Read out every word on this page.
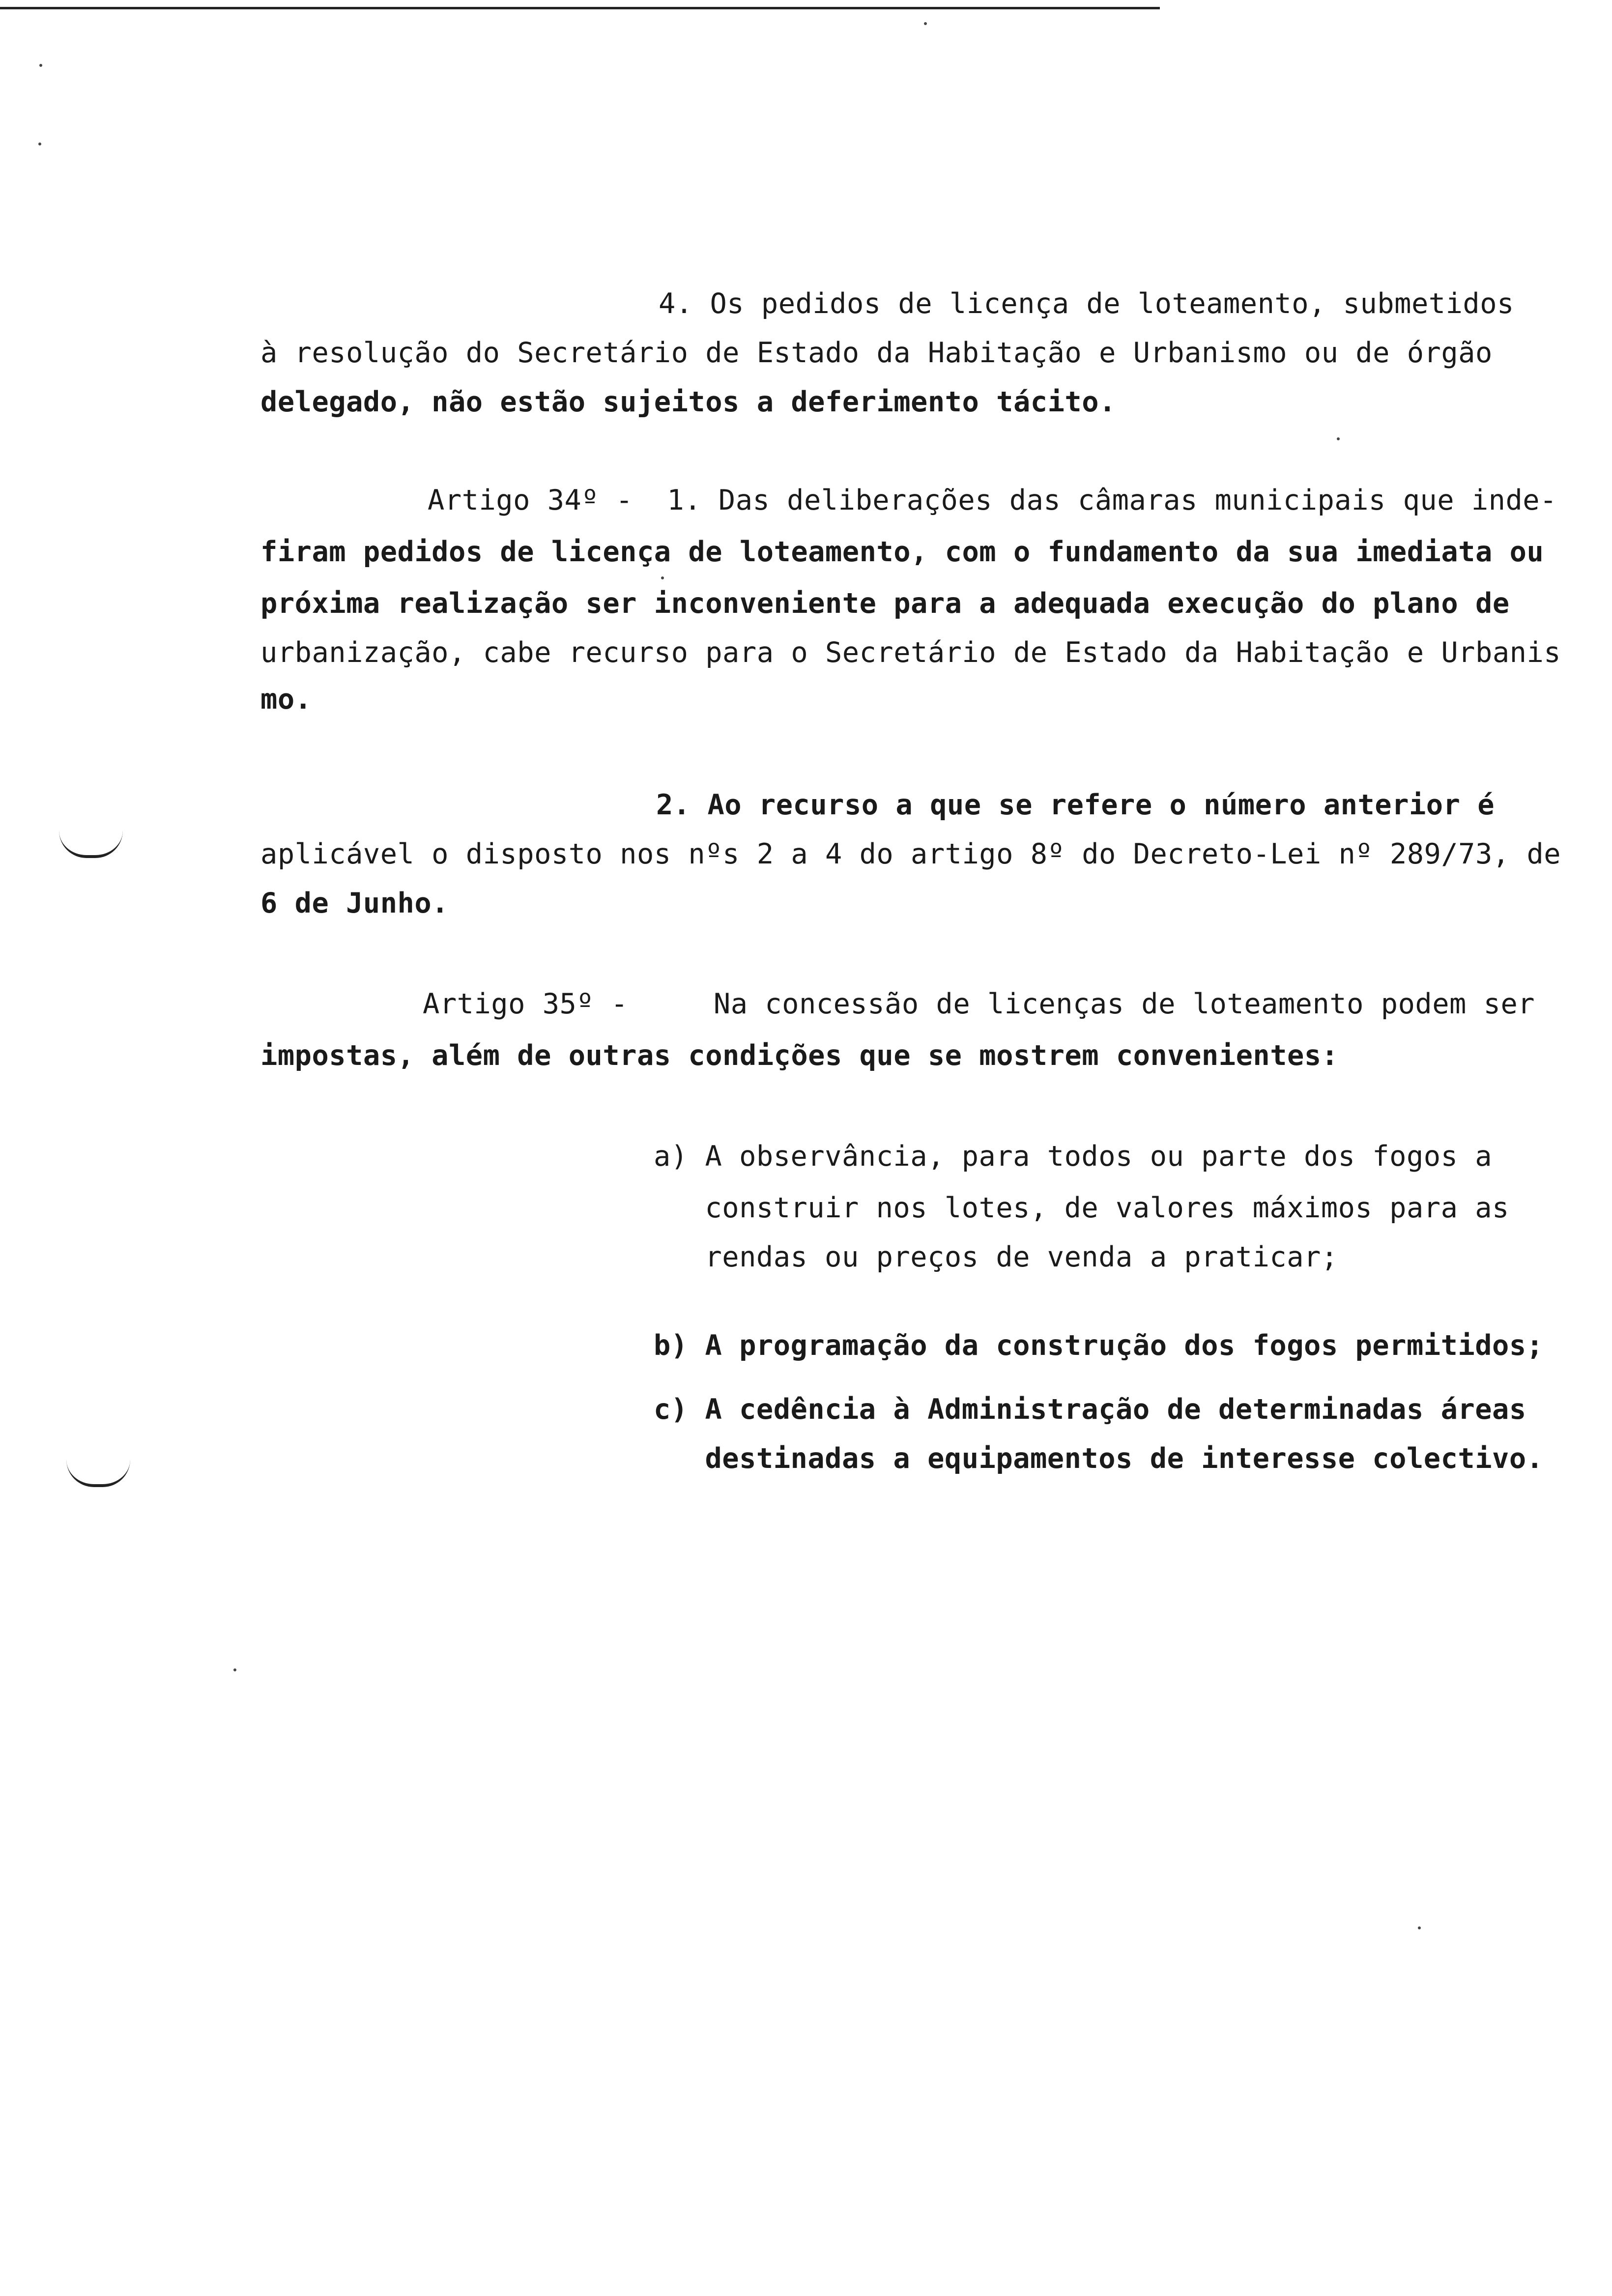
4. Os pedidos de licença de loteamento, submetidos
à resolução do Secretário de Estado da Habitação e Urbanismo ou de órgão
delegado, não estão sujeitos a deferimento tácito.
Artigo 34º -  1. Das deliberações das câmaras municipais que inde-
firam pedidos de licença de loteamento, com o fundamento da sua imediata ou
próxima realização ser inconveniente para a adequada execução do plano de
urbanização, cabe recurso para o Secretário de Estado da Habitação e Urbanis
mo.
2. Ao recurso a que se refere o número anterior é
aplicável o disposto nos nºs 2 a 4 do artigo 8º do Decreto-Lei nº 289/73, de
6 de Junho.
Artigo 35º -     Na concessão de licenças de loteamento podem ser
impostas, além de outras condições que se mostrem convenientes:
a) A observância, para todos ou parte dos fogos a
construir nos lotes, de valores máximos para as
rendas ou preços de venda a praticar;
b) A programação da construção dos fogos permitidos;
c) A cedência à Administração de determinadas áreas
destinadas a equipamentos de interesse colectivo.
